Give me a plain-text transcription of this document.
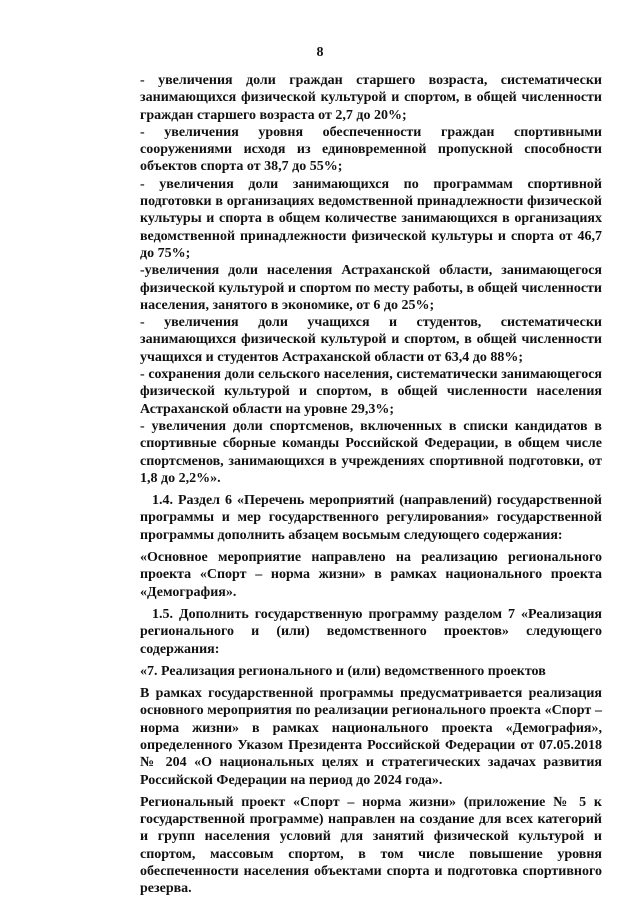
8

- увеличения доли граждан старшего возраста, систематически занимающихся физической культурой и спортом, в общей численности граждан старшего возраста от 2,7 до 20%;

- увеличения уровня обеспеченности граждан спортивными сооружениями исходя из единовременной пропускной способности объектов спорта от 38,7 до 55%;

- увеличения доли занимающихся по программам спортивной подготовки в организациях ведомственной принадлежности физической культуры и спорта в общем количестве занимающихся в организациях ведомственной принадлежности физической культуры и спорта от 46,7 до 75%;

-увеличения доли населения Астраханской области, занимающегося физической культурой и спортом по месту работы, в общей численности населения, занятого в экономике, от 6 до 25%;

- увеличения доли учащихся и студентов, систематически занимающихся физической культурой и спортом, в общей численности учащихся и студентов Астраханской области от 63,4 до 88%;

- сохранения доли сельского населения, систематически занимающегося физической культурой и спортом, в общей численности населения Астраханской области на уровне 29,3%;

- увеличения доли спортсменов, включенных в списки кандидатов в спортивные сборные команды Российской Федерации, в общем числе спортсменов, занимающихся в учреждениях спортивной подготовки, от 1,8 до 2,2%».

1.4. Раздел 6 «Перечень мероприятий (направлений) государственной программы и мер государственного регулирования» государственной программы дополнить абзацем восьмым следующего содержания:

«Основное мероприятие направлено на реализацию регионального проекта «Спорт – норма жизни» в рамках национального проекта «Демография».

1.5. Дополнить государственную программу разделом 7 «Реализация регионального и (или) ведомственного проектов» следующего содержания:

«7. Реализация регионального и (или) ведомственного проектов

В рамках государственной программы предусматривается реализация основного мероприятия по реализации регионального проекта «Спорт – норма жизни» в рамках национального проекта «Демография», определенного Указом Президента Российской Федерации от 07.05.2018 № 204 «О национальных целях и стратегических задачах развития Российской Федерации на период до 2024 года».

Региональный проект «Спорт – норма жизни» (приложение № 5 к государственной программе) направлен на создание для всех категорий и групп населения условий для занятий физической культурой и спортом, массовым спортом, в том числе повышение уровня обеспеченности населения объектами спорта и подготовка спортивного резерва.
